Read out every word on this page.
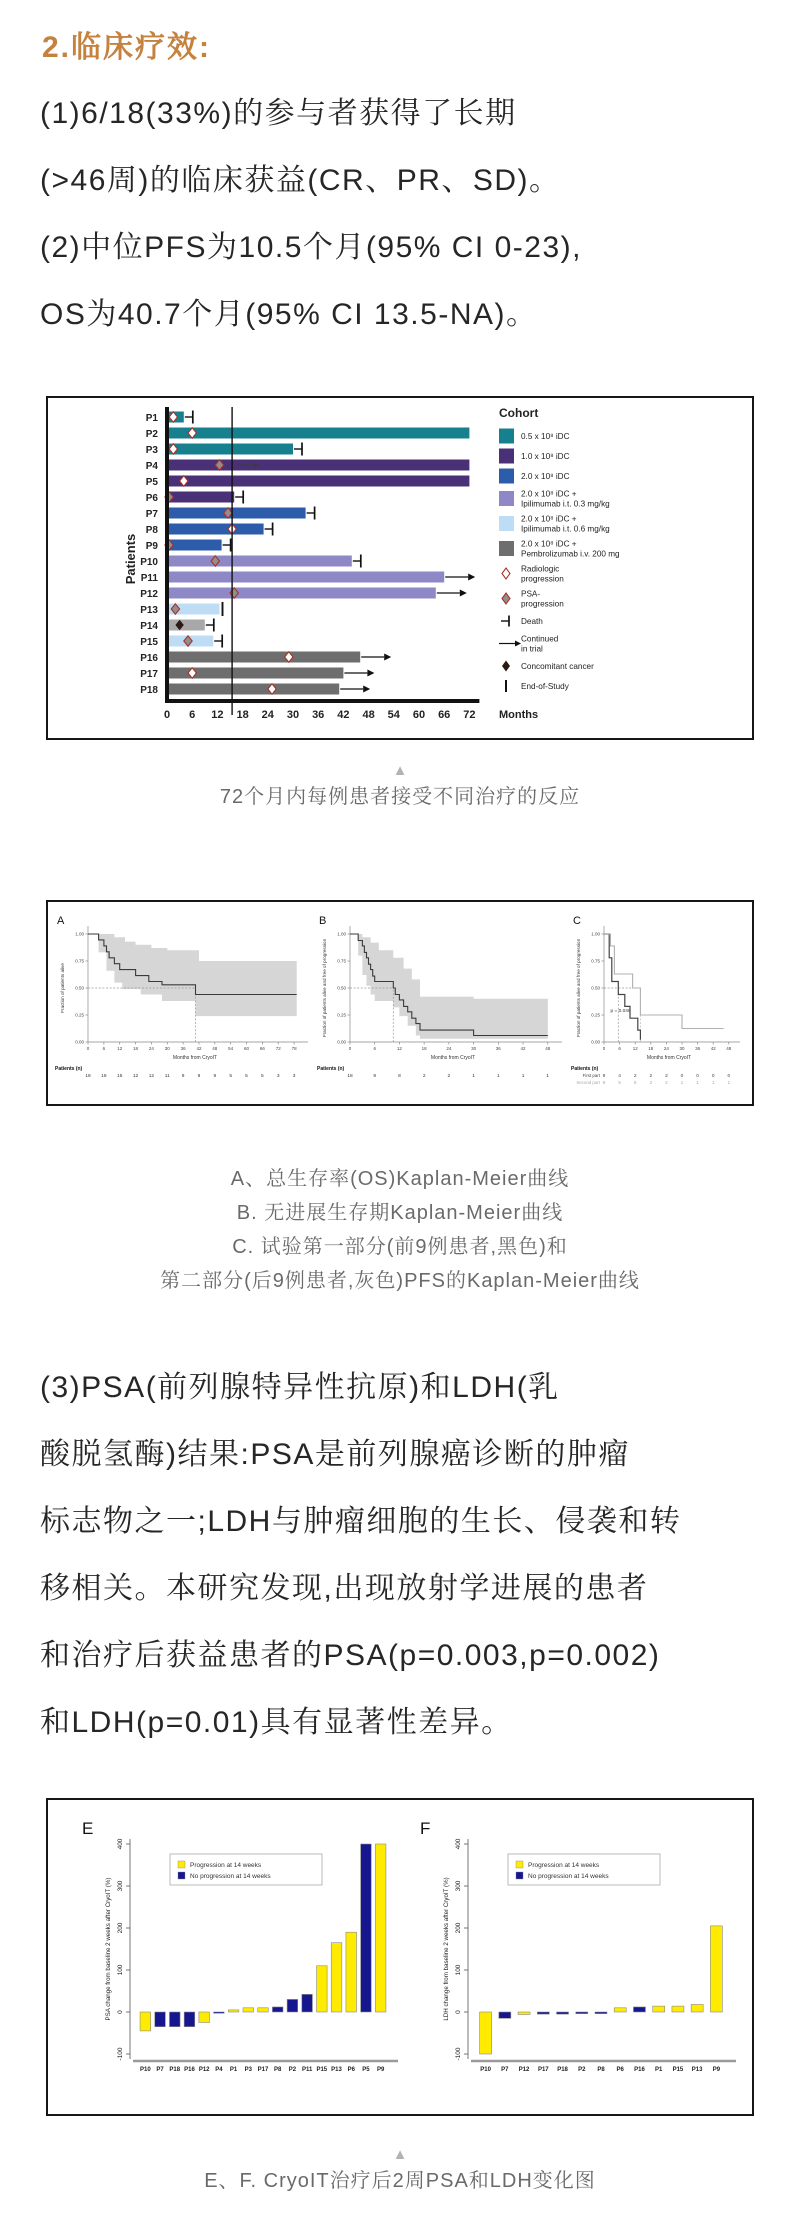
2.临床疗效:
(1)6/18(33%)的参与者获得了长期
(>46周)的临床获益(CR、PR、SD)。
(2)中位PFS为10.5个月(95% CI 0-23),
OS为40.7个月(95% CI 13.5-NA)。
Patients
P1
P2
P3
P4
P5
P6
P7
P8
P9
P10
P11
P12
P13
P14
P15
P16
P17
P18
0 6 12 18 24 30 36 42 48 54 60 66 72 Months
Cohort
0.5 x 10⁸ iDC
1.0 x 10⁸ iDC
2.0 x 10⁸ iDC
2.0 x 10⁸ iDC +
Ipilimumab i.t. 0.3 mg/kg
2.0 x 10⁸ iDC +
Ipilimumab i.t. 0.6 mg/kg
2.0 x 10⁸ iDC +
Pembrolizumab i.v. 200 mg
Radiologic
progression
PSA-
progression
Death
Continued
in trial
Concomitant cancer
End-of-Study
▲
72个月内每例患者接受不同治疗的反应
A
Fraction of patients alive
0.00
0.25
0.50
0.75
1.00
0	6	12 18 24 30 36 42 48 54 60 66 72 78
Months from CryoIT
Patients (n)
18 18 15 12 12 11	9	9	9	5	5	5	3	3
B
Fraction of patients alive and free of progression
0.00
0.25
0.50
0.75
1.00
0	6	12	18	24	30	36	42	48
Months from CryoIT
Patients (n)
18	9	8	2	2	1	1	1	1
C
Fraction of patients alive and free of progression
0.00
0.25
0.50
0.75
1.00
0	6	12 18 24 30 36 42 48
Months from CryoIT
p = 0.048
Patients (n)
First part 9	4	2	2	2	0	0	0	0
Second part 9	5	5	2	2	1	1	1	1
A、总生存率(OS)Kaplan-Meier曲线
B. 无进展生存期Kaplan-Meier曲线
C. 试验第一部分(前9例患者,黑色)和
第二部分(后9例患者,灰色)PFS的Kaplan-Meier曲线
(3)PSA(前列腺特异性抗原)和LDH(乳
酸脱氢酶)结果:PSA是前列腺癌诊断的肿瘤
标志物之一;LDH与肿瘤细胞的生长、侵袭和转
移相关。本研究发现,出现放射学进展的患者
和治疗后获益患者的PSA(p=0.003,p=0.002)
和LDH(p=0.01)具有显著性差异。
E
PSA change from baseline 2 weeks after CryoIT (%)
-100
0
100
200
300
400
P10 P7 P18 P16 P12 P4 P1 P3 P17 P8 P2 P11 P15 P13 P6 P5 P9
Progression at 14 weeks
No progression at 14 weeks
F
LDH change from baseline 2 weeks after CryoIT (%)
-100
0
100
200
300
400
P10 P7 P12 P17 P18 P2 P8 P6 P16 P1 P15 P13 P9
Progression at 14 weeks
No progression at 14 weeks
▲
E、F. CryoIT治疗后2周PSA和LDH变化图
